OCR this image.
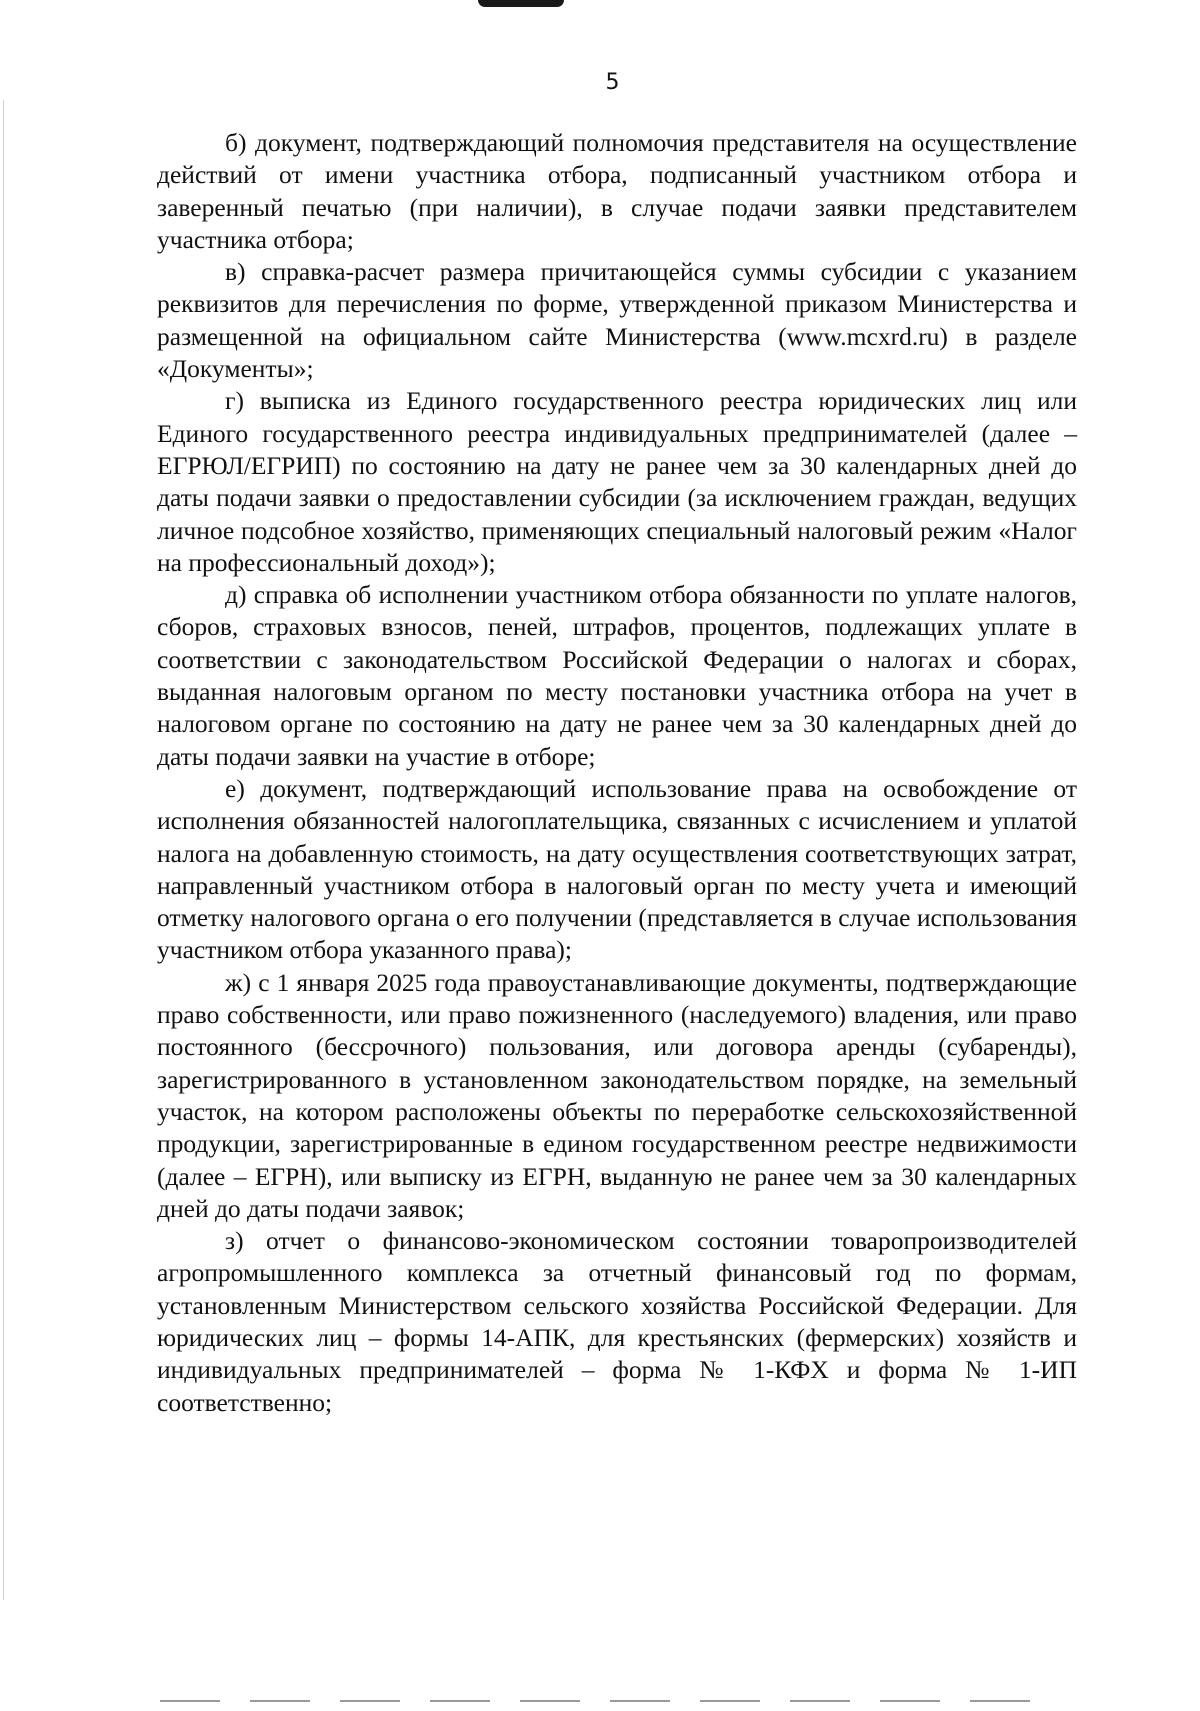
5

б) документ, подтверждающий полномочия представителя на осуществление действий от имени участника отбора, подписанный участником отбора и заверенный печатью (при наличии), в случае подачи заявки представителем участника отбора;

в) справка-расчет размера причитающейся суммы субсидии с указанием реквизитов для перечисления по форме, утвержденной приказом Министерства и размещенной на официальном сайте Министерства (www.mcxrd.ru) в разделе «Документы»;

г) выписка из Единого государственного реестра юридических лиц или Единого государственного реестра индивидуальных предпринимателей (далее – ЕГРЮЛ/ЕГРИП) по состоянию на дату не ранее чем за 30 календарных дней до даты подачи заявки о предоставлении субсидии (за исключением граждан, ведущих личное подсобное хозяйство, применяющих специальный налоговый режим «Налог на профессиональный доход»);

д) справка об исполнении участником отбора обязанности по уплате налогов, сборов, страховых взносов, пеней, штрафов, процентов, подлежащих уплате в соответствии с законодательством Российской Федерации о налогах и сборах, выданная налоговым органом по месту постановки участника отбора на учет в налоговом органе по состоянию на дату не ранее чем за 30 календарных дней до даты подачи заявки на участие в отборе;

е) документ, подтверждающий использование права на освобождение от исполнения обязанностей налогоплательщика, связанных с исчислением и уплатой налога на добавленную стоимость, на дату осуществления соответствующих затрат, направленный участником отбора в налоговый орган по месту учета и имеющий отметку налогового органа о его получении (представляется в случае использования участником отбора указанного права);

ж) с 1 января 2025 года правоустанавливающие документы, подтверждающие право собственности, или право пожизненного (наследуемого) владения, или право постоянного (бессрочного) пользования, или договора аренды (субаренды), зарегистрированного в установленном законодательством порядке, на земельный участок, на котором расположены объекты по переработке сельскохозяйственной продукции, зарегистрированные в едином государственном реестре недвижимости (далее – ЕГРН), или выписку из ЕГРН, выданную не ранее чем за 30 календарных дней до даты подачи заявок;

з) отчет о финансово-экономическом состоянии товаропроизводителей агропромышленного комплекса за отчетный финансовый год по формам, установленным Министерством сельского хозяйства Российской Федерации. Для юридических лиц – формы 14-АПК, для крестьянских (фермерских) хозяйств и индивидуальных предпринимателей – форма № 1-КФХ и форма № 1-ИП соответственно;
